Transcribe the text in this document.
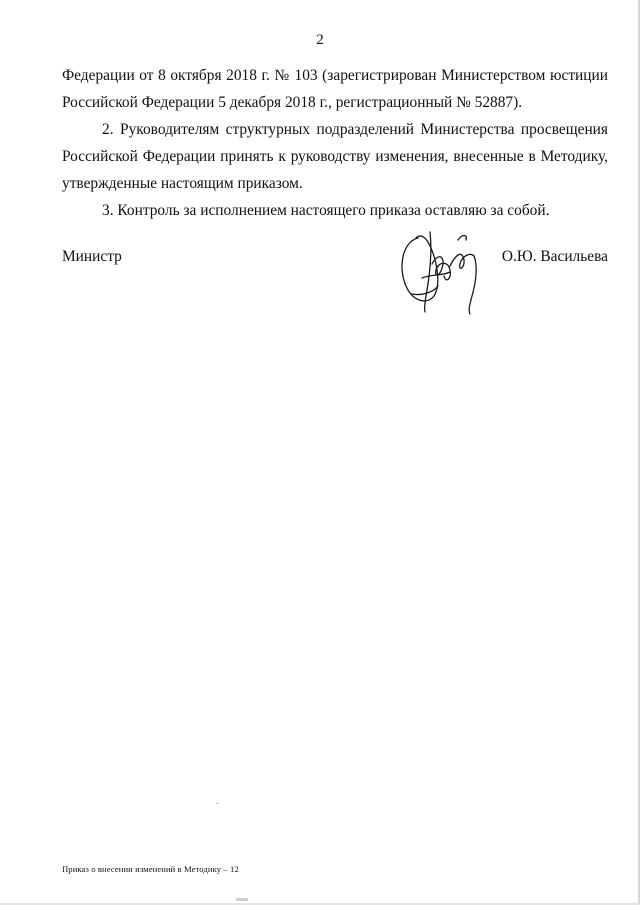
2

Федерации от 8 октября 2018 г. № 103 (зарегистрирован Министерством юстиции Российской Федерации 5 декабря 2018 г., регистрационный № 52887).

2. Руководителям структурных подразделений Министерства просвещения Российской Федерации принять к руководству изменения, внесенные в Методику, утвержденные настоящим приказом.

3. Контроль за исполнением настоящего приказа оставляю за собой.

Министр	О.Ю. Васильева
Приказ о внесении изменений в Методику – 12
